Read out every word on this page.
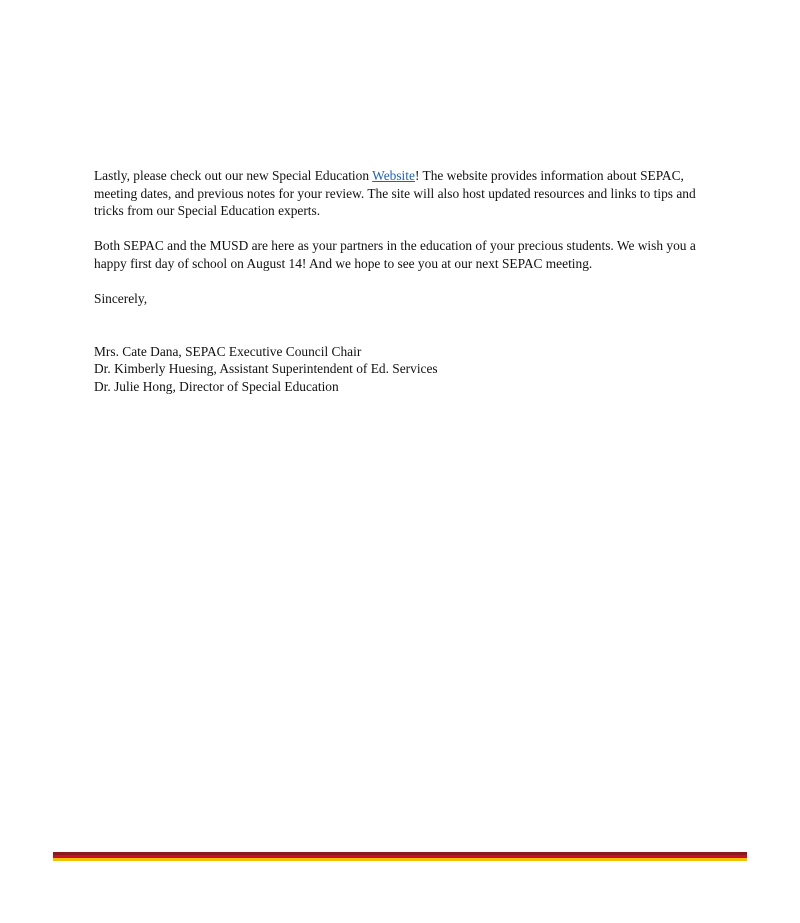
Lastly, please check out our new Special Education Website! The website provides information about SEPAC, meeting dates, and previous notes for your review. The site will also host updated resources and links to tips and tricks from our Special Education experts.

Both SEPAC and the MUSD are here as your partners in the education of your precious students. We wish you a happy first day of school on August 14! And we hope to see you at our next SEPAC meeting.

Sincerely,

Mrs. Cate Dana, SEPAC Executive Council Chair

Dr. Kimberly Huesing, Assistant Superintendent of Ed. Services

Dr. Julie Hong, Director of Special Education
